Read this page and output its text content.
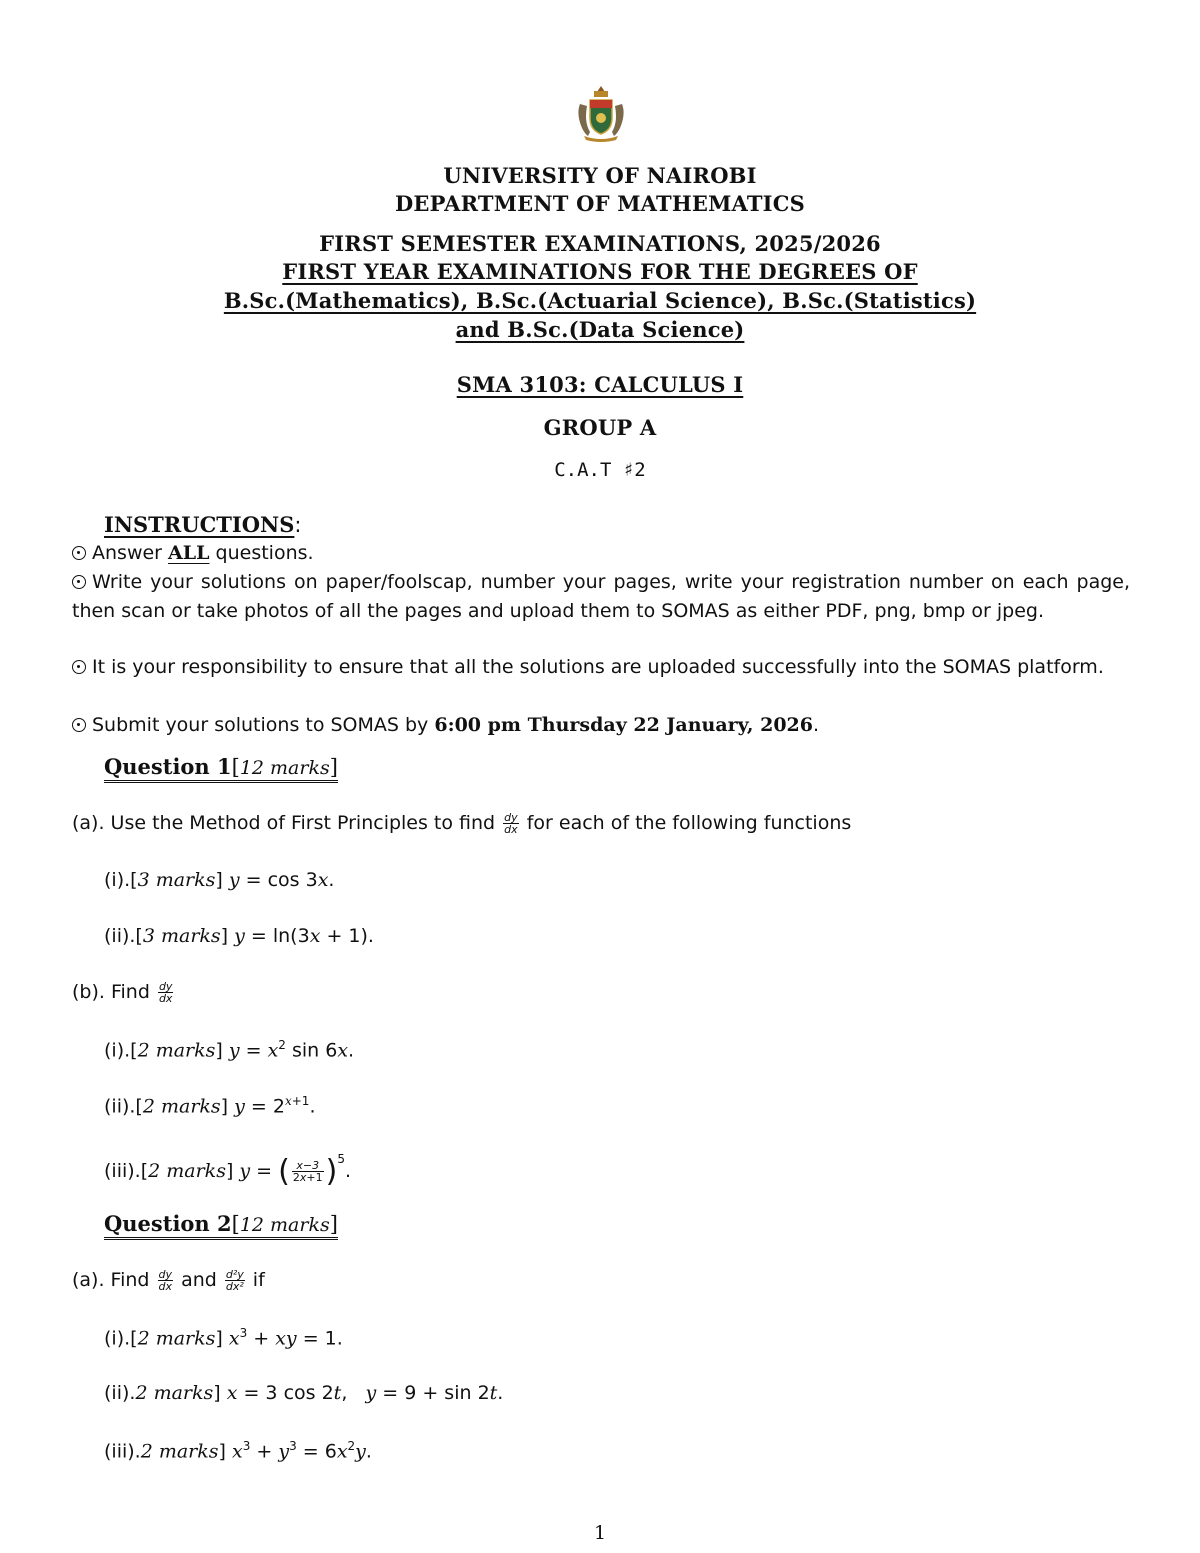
UNIVERSITY OF NAIROBI
DEPARTMENT OF MATHEMATICS
FIRST SEMESTER EXAMINATIONS, 2025/2026
FIRST YEAR EXAMINATIONS FOR THE DEGREES OF
B.Sc.(Mathematics), B.Sc.(Actuarial Science), B.Sc.(Statistics)
and B.Sc.(Data Science)
SMA 3103: CALCULUS I
GROUP A
C.A.T ♯2
INSTRUCTIONS:
Answer ALL questions.
Write your solutions on paper/foolscap, number your pages, write your registration number on each page, then scan or take photos of all the pages and upload them to SOMAS as either PDF, png, bmp or jpeg.
It is your responsibility to ensure that all the solutions are uploaded successfully into the SOMAS platform.
Submit your solutions to SOMAS by 6:00 pm Thursday 22 January, 2026.
Question 1[12 marks]
(a). Use the Method of First Principles to find $\frac{dy}{dx}$ for each of the following functions
(i).[3 marks] y = cos 3x.
(ii).[3 marks] y = ln(3x + 1).
(b). Find $\frac{dy}{dx}$
(i).[2 marks] $y = x^2$ sin 6x.
(ii).[2 marks] $y = 2^{x+1}$.
(iii).[2 marks] y = ( $\frac{x-3}{2x+1} )^5$.
Question 2[12 marks]
(a). Find $\frac{dy}{dx}$ and $\frac{\text{d²y}}{\text{dx²}}$ if
(i).[2 marks] $x^3$ + xy = 1.
(ii).2 marks] x = 3 cos 2t,   y = 9 + sin 2t.
(iii).2 marks] $x^3 + y^3 = 6x^2y$.
1
